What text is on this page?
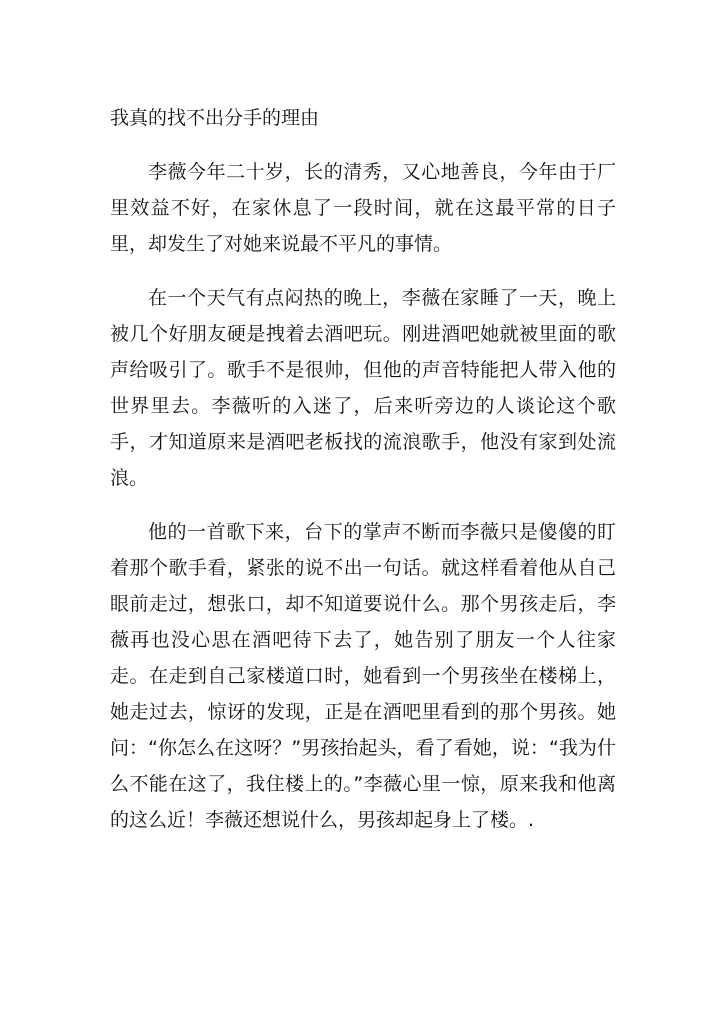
我真的找不出分手的理由

李薇今年二十岁，长的清秀，又心地善良，今年由于厂里效益不好，在家休息了一段时间，就在这最平常的日子里，却发生了对她来说最不平凡的事情。

在一个天气有点闷热的晚上，李薇在家睡了一天，晚上被几个好朋友硬是拽着去酒吧玩。刚进酒吧她就被里面的歌声给吸引了。歌手不是很帅，但他的声音特能把人带入他的世界里去。李薇听的入迷了，后来听旁边的人谈论这个歌手，才知道原来是酒吧老板找的流浪歌手，他没有家到处流浪。

他的一首歌下来，台下的掌声不断而李薇只是傻傻的盯着那个歌手看，紧张的说不出一句话。就这样看着他从自己眼前走过，想张口，却不知道要说什么。那个男孩走后，李薇再也没心思在酒吧待下去了，她告别了朋友一个人往家走。在走到自己家楼道口时，她看到一个男孩坐在楼梯上，她走过去，惊讶的发现，正是在酒吧里看到的那个男孩。她问：“你怎么在这呀？”男孩抬起头，看了看她，说：“我为什么不能在这了，我住楼上的。”李薇心里一惊，原来我和他离的这么近！李薇还想说什么，男孩却起身上了楼。.
